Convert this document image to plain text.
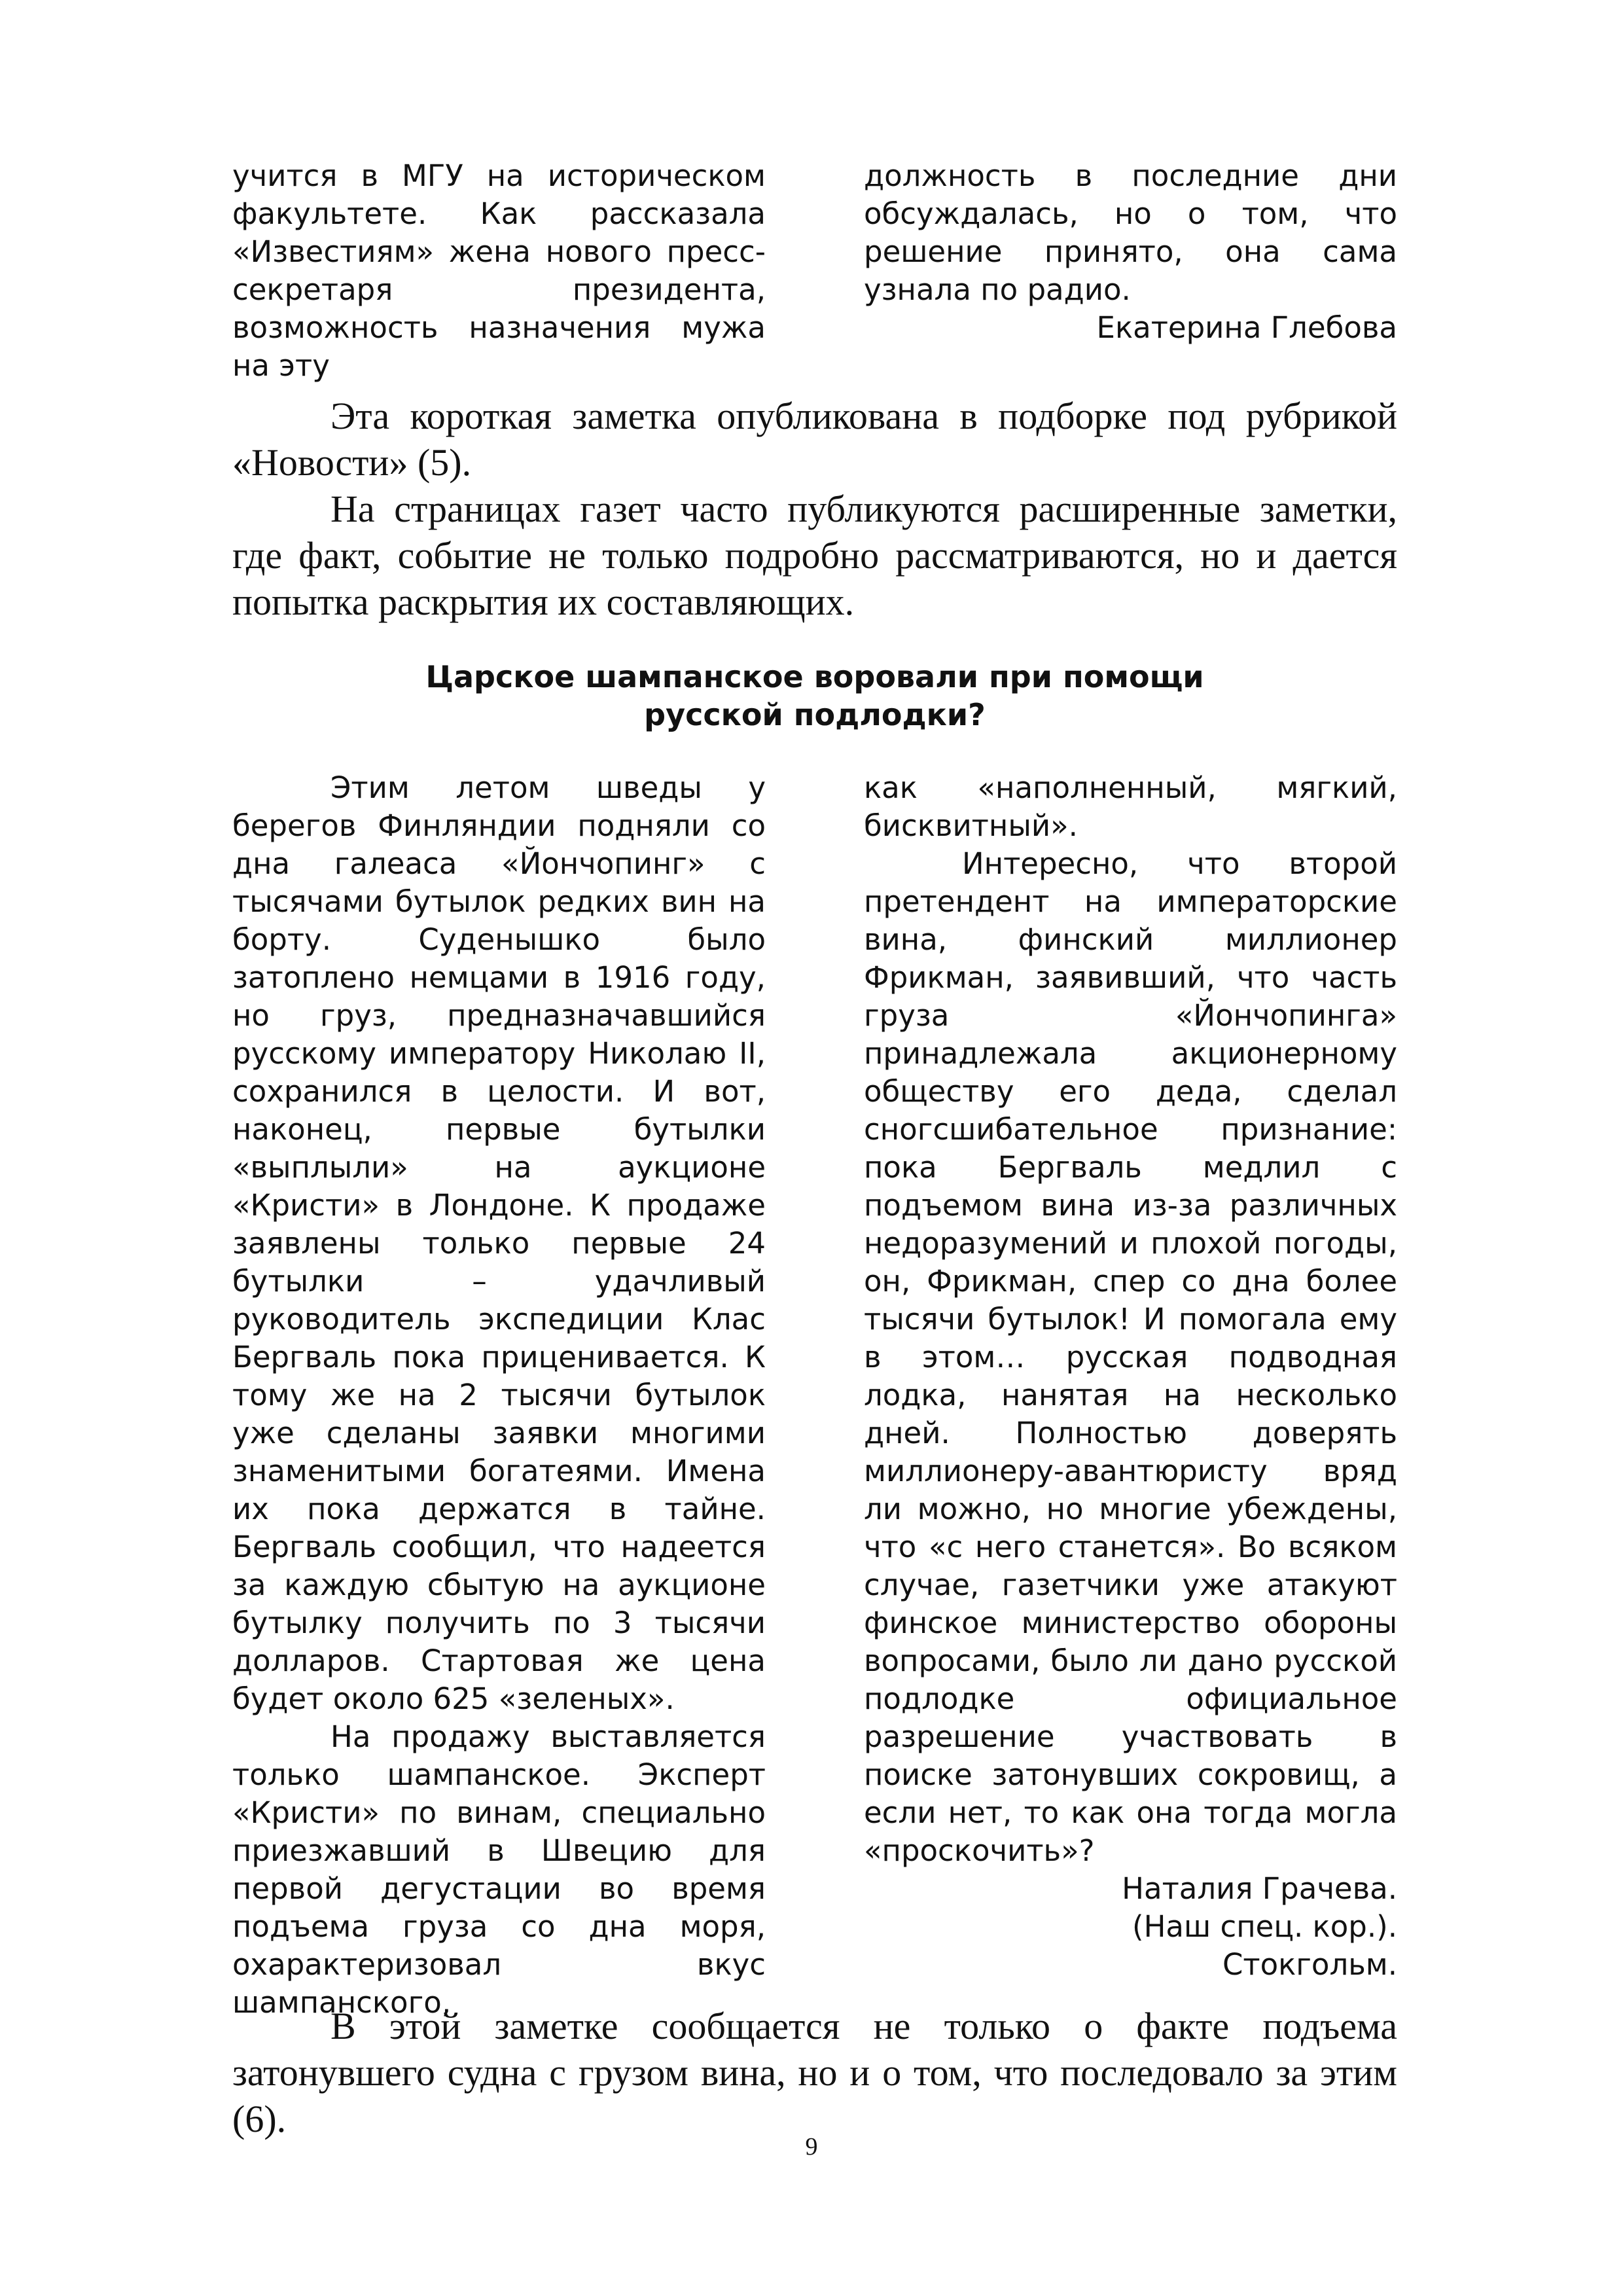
учится в МГУ на историческом факультете. Как рассказала «Известиям» жена нового пресс-секретаря президента, возможность назначения мужа на эту

должность в последние дни обсуждалась, но о том, что решение принято, она сама узнала по радио.

Екатерина Глебова

Эта короткая заметка опубликована в подборке под рубрикой «Новости» (5).

На страницах газет часто публикуются расширенные заметки, где факт, событие не только подробно рассматриваются, но и дается попытка раскрытия их составляющих.

Царское шампанское воровали при помощи
русской подлодки?

Этим летом шведы у берегов Финляндии подняли со дна галеаса «Йончопинг» с тысячами бутылок редких вин на борту. Суденышко было затоплено немцами в 1916 году, но груз, предназначавшийся русскому императору Николаю II, сохранился в целости. И вот, наконец, первые бутылки «выплыли» на аукционе «Кристи» в Лондоне. К продаже заявлены только первые 24 бутылки – удачливый руководитель экспедиции Клас Бергваль пока приценивается. К тому же на 2 тысячи бутылок уже сделаны заявки многими знаменитыми богатеями. Имена их пока держатся в тайне. Бергваль сообщил, что надеется за каждую сбытую на аукционе бутылку получить по 3 тысячи долларов. Стартовая же цена будет около 625 «зеленых».

На продажу выставляется только шампанское. Эксперт «Кристи» по винам, специально приезжавший в Швецию для первой дегустации во время подъема груза со дна моря, охарактеризовал вкус шампанского,

как «наполненный, мягкий, бисквитный».

Интересно, что второй претендент на императорские вина, финский миллионер Фрикман, заявивший, что часть груза «Йончопинга» принадлежала акционерному обществу его деда, сделал сногсшибательное признание: пока Бергваль медлил с подъемом вина из-за различных недоразумений и плохой погоды, он, Фрикман, спер со дна более тысячи бутылок! И помогала ему в этом… русская подводная лодка, нанятая на несколько дней. Полностью доверять миллионеру-авантюристу вряд ли можно, но многие убеждены, что «с него станется». Во всяком случае, газетчики уже атакуют финское министерство обороны вопросами, было ли дано русской подлодке официальное разрешение участвовать в поиске затонувших сокровищ, а если нет, то как она тогда могла «проскочить»?

Наталия Грачева.

(Наш спец. кор.).

Стокгольм.

В этой заметке сообщается не только о факте подъема затонувшего судна с грузом вина, но и о том, что последовало за этим (6).

9
